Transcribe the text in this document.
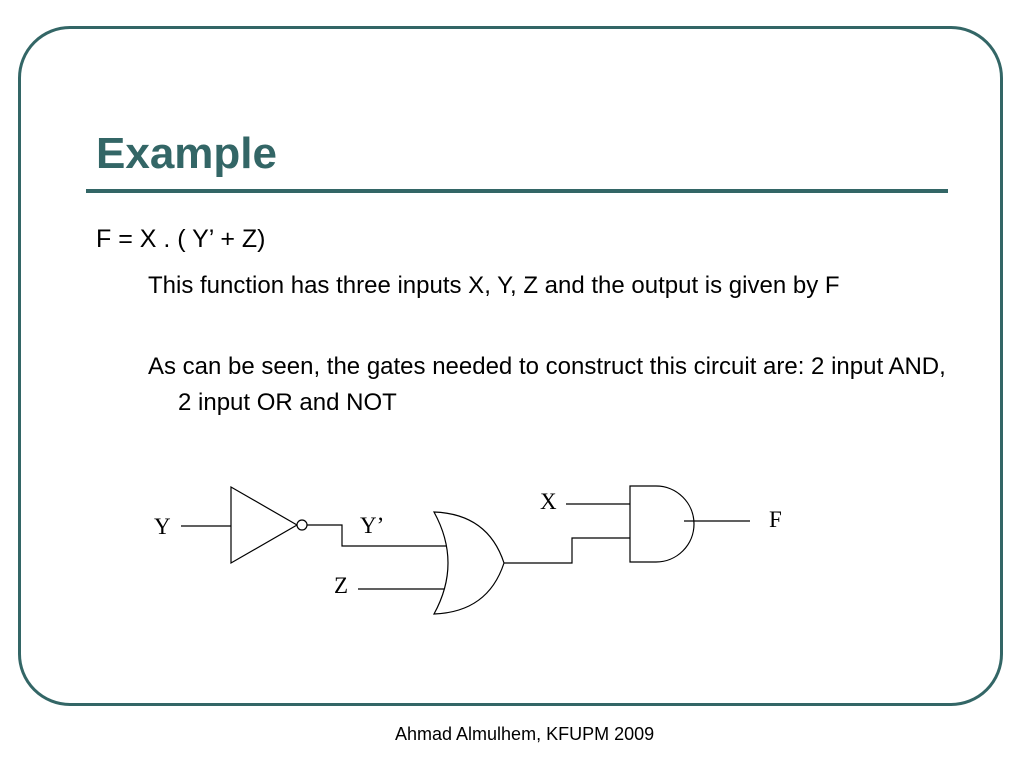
Example
F = X . ( Y’ + Z)
This function has three inputs X, Y, Z and the output is given by F
As can be seen, the gates needed to construct this circuit are: 2 input AND, 2 input OR and NOT
Y	Y’
Z
X
F
Ahmad Almulhem, KFUPM 2009
